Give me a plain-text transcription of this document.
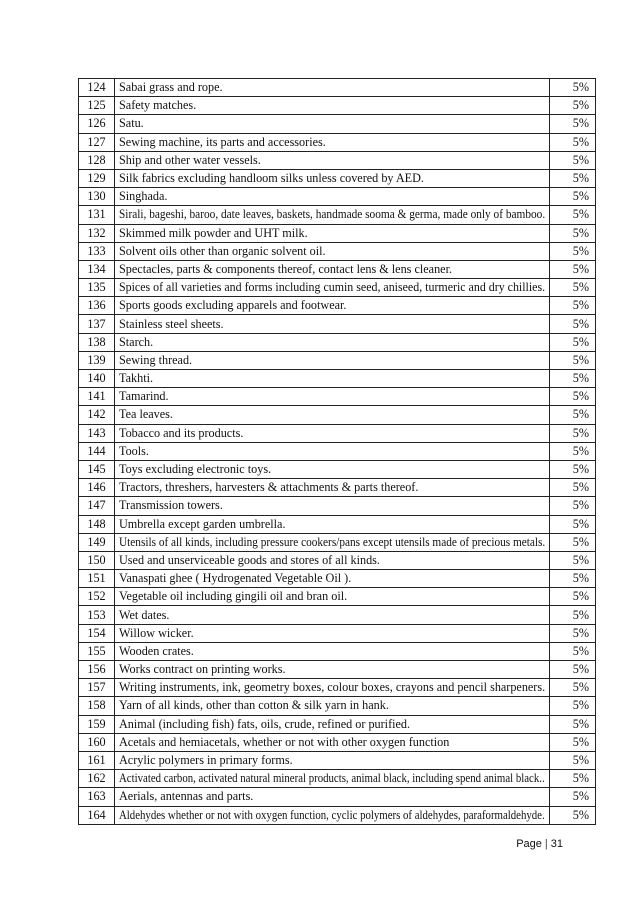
124	Sabai grass and rope.	5%
125	Safety matches.	5%
126	Satu.	5%
127	Sewing machine, its parts and accessories.	5%
128	Ship and other water vessels.	5%
129	Silk fabrics excluding handloom silks unless covered by AED.	5%
130	Singhada.	5%
131	Sirali, bageshi, baroo, date leaves, baskets, handmade sooma & germa, made only of bamboo.	5%
132	Skimmed milk powder and UHT milk.	5%
133	Solvent oils other than organic solvent oil.	5%
134	Spectacles, parts & components thereof, contact lens & lens cleaner.	5%
135	Spices of all varieties and forms including cumin seed, aniseed, turmeric and dry chillies.	5%
136	Sports goods excluding apparels and footwear.	5%
137	Stainless steel sheets.	5%
138	Starch.	5%
139	Sewing thread.	5%
140	Takhti.	5%
141	Tamarind.	5%
142	Tea leaves.	5%
143	Tobacco and its products.	5%
144	Tools.	5%
145	Toys excluding electronic toys.	5%
146	Tractors, threshers, harvesters & attachments & parts thereof.	5%
147	Transmission towers.	5%
148	Umbrella except garden umbrella.	5%
149	Utensils of all kinds, including pressure cookers/pans except utensils made of precious metals.	5%
150	Used and unserviceable goods and stores of all kinds.	5%
151	Vanaspati ghee ( Hydrogenated Vegetable Oil ).	5%
152	Vegetable oil including gingili oil and bran oil.	5%
153	Wet dates.	5%
154	Willow wicker.	5%
155	Wooden crates.	5%
156	Works contract on printing works.	5%
157	Writing instruments, ink, geometry boxes, colour boxes, crayons and pencil sharpeners.	5%
158	Yarn of all kinds, other than cotton & silk yarn in hank.	5%
159	Animal (including fish) fats, oils, crude, refined or purified.	5%
160	Acetals and hemiacetals, whether or not with other oxygen function	5%
161	Acrylic polymers in primary forms.	5%
162	Activated carbon, activated natural mineral products, animal black, including spend animal black..	5%
163	Aerials, antennas and parts.	5%
164	Aldehydes whether or not with oxygen function, cyclic polymers of aldehydes, paraformaldehyde.	5%
Page | 31
